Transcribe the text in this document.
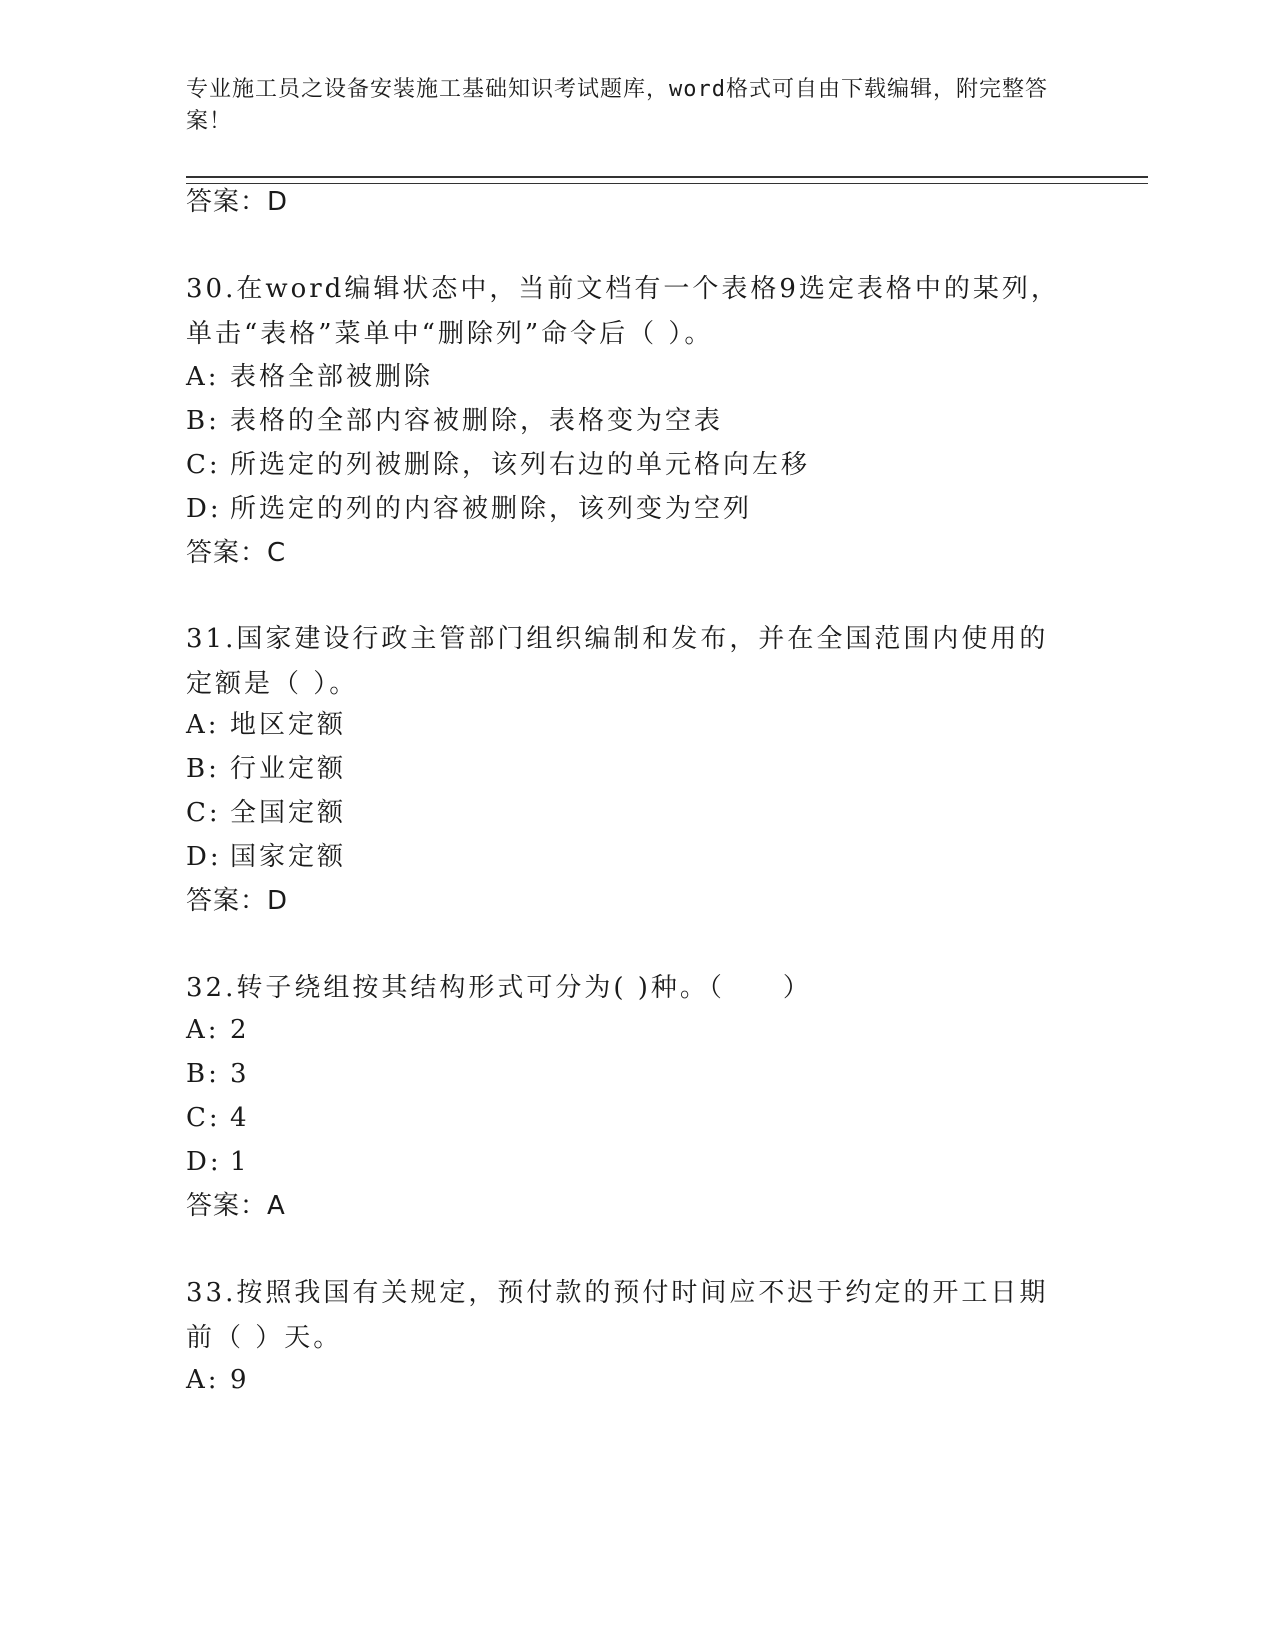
专业施工员之设备安装施工基础知识考试题库，word格式可自由下载编辑，附完整答案！
答案：D
30.在word编辑状态中，当前文档有一个表格9选定表格中的某列，单击“表格”菜单中“删除列”命令后（ ）。
A: 表格全部被删除
B: 表格的全部内容被删除，表格变为空表
C: 所选定的列被删除，该列右边的单元格向左移
D: 所选定的列的内容被删除，该列变为空列
答案：C
31.国家建设行政主管部门组织编制和发布，并在全国范围内使用的定额是（ ）。
A: 地区定额
B: 行业定额
C: 全国定额
D: 国家定额
答案：D
32.转子绕组按其结构形式可分为( )种。（　　）
A: 2
B: 3
C: 4
D: 1
答案：A
33.按照我国有关规定，预付款的预付时间应不迟于约定的开工日期前（ ）天。
A: 9
